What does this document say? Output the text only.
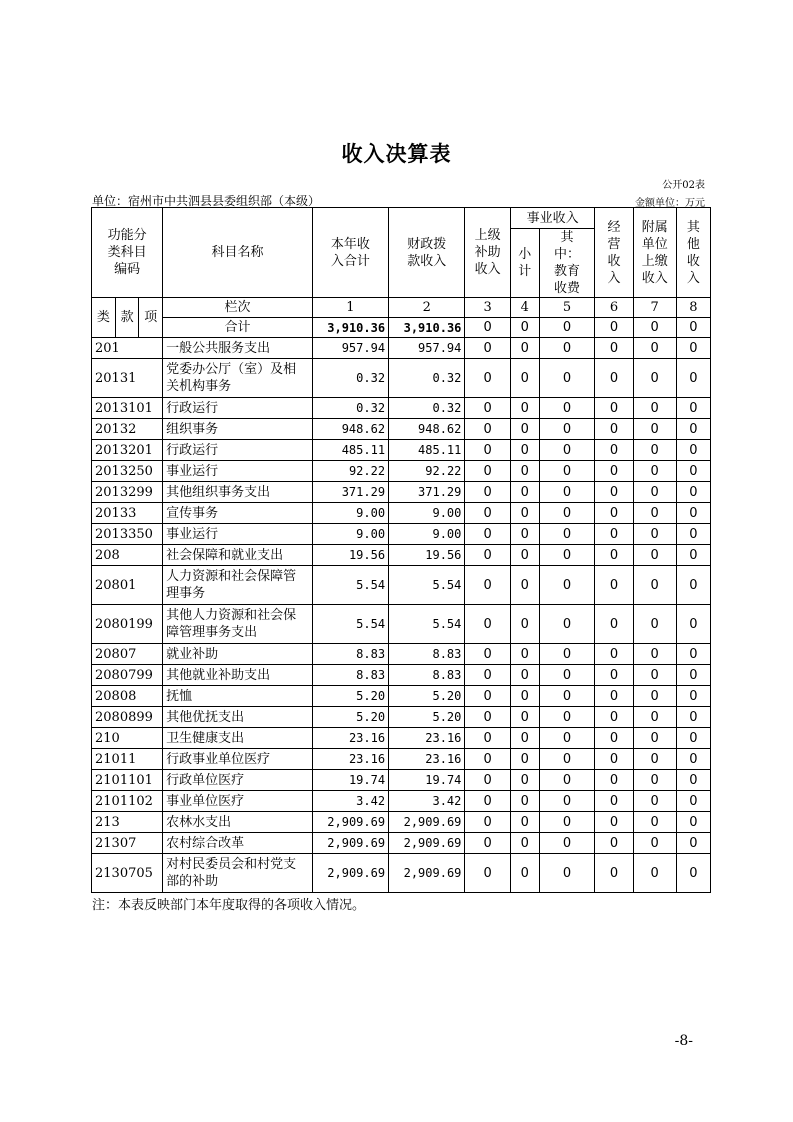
收入决算表
公开02表
单位：宿州市中共泗县县委组织部（本级）	金额单位：万元
功能分类科目编码			科目名称	本年收入合计	财政拨款收入	上级补助收入	事业收入		经营收入	附属单位上缴收入	其他收入
							小计	其中：教育收费			
类	款	项	栏次	1	2	3	4	5	6	7	8
			合计	3,910.36	3,910.36	0	0	0	0	0	0
201			一般公共服务支出	957.94	957.94	0	0	0	0	0	0
20131			党委办公厅（室）及相关机构事务	0.32	0.32	0	0	0	0	0	0
2013101			行政运行	0.32	0.32	0	0	0	0	0	0
20132			组织事务	948.62	948.62	0	0	0	0	0	0
2013201			行政运行	485.11	485.11	0	0	0	0	0	0
2013250			事业运行	92.22	92.22	0	0	0	0	0	0
2013299			其他组织事务支出	371.29	371.29	0	0	0	0	0	0
20133			宣传事务	9.00	9.00	0	0	0	0	0	0
2013350			事业运行	9.00	9.00	0	0	0	0	0	0
208			社会保障和就业支出	19.56	19.56	0	0	0	0	0	0
20801			人力资源和社会保障管理事务	5.54	5.54	0	0	0	0	0	0
2080199			其他人力资源和社会保障管理事务支出	5.54	5.54	0	0	0	0	0	0
20807			就业补助	8.83	8.83	0	0	0	0	0	0
2080799			其他就业补助支出	8.83	8.83	0	0	0	0	0	0
20808			抚恤	5.20	5.20	0	0	0	0	0	0
2080899			其他优抚支出	5.20	5.20	0	0	0	0	0	0
210			卫生健康支出	23.16	23.16	0	0	0	0	0	0
21011			行政事业单位医疗	23.16	23.16	0	0	0	0	0	0
2101101			行政单位医疗	19.74	19.74	0	0	0	0	0	0
2101102			事业单位医疗	3.42	3.42	0	0	0	0	0	0
213			农林水支出	2,909.69	2,909.69	0	0	0	0	0	0
21307			农村综合改革	2,909.69	2,909.69	0	0	0	0	0	0
2130705			对村民委员会和村党支部的补助	2,909.69	2,909.69	0	0	0	0	0	0
注：本表反映部门本年度取得的各项收入情况。
-8-
